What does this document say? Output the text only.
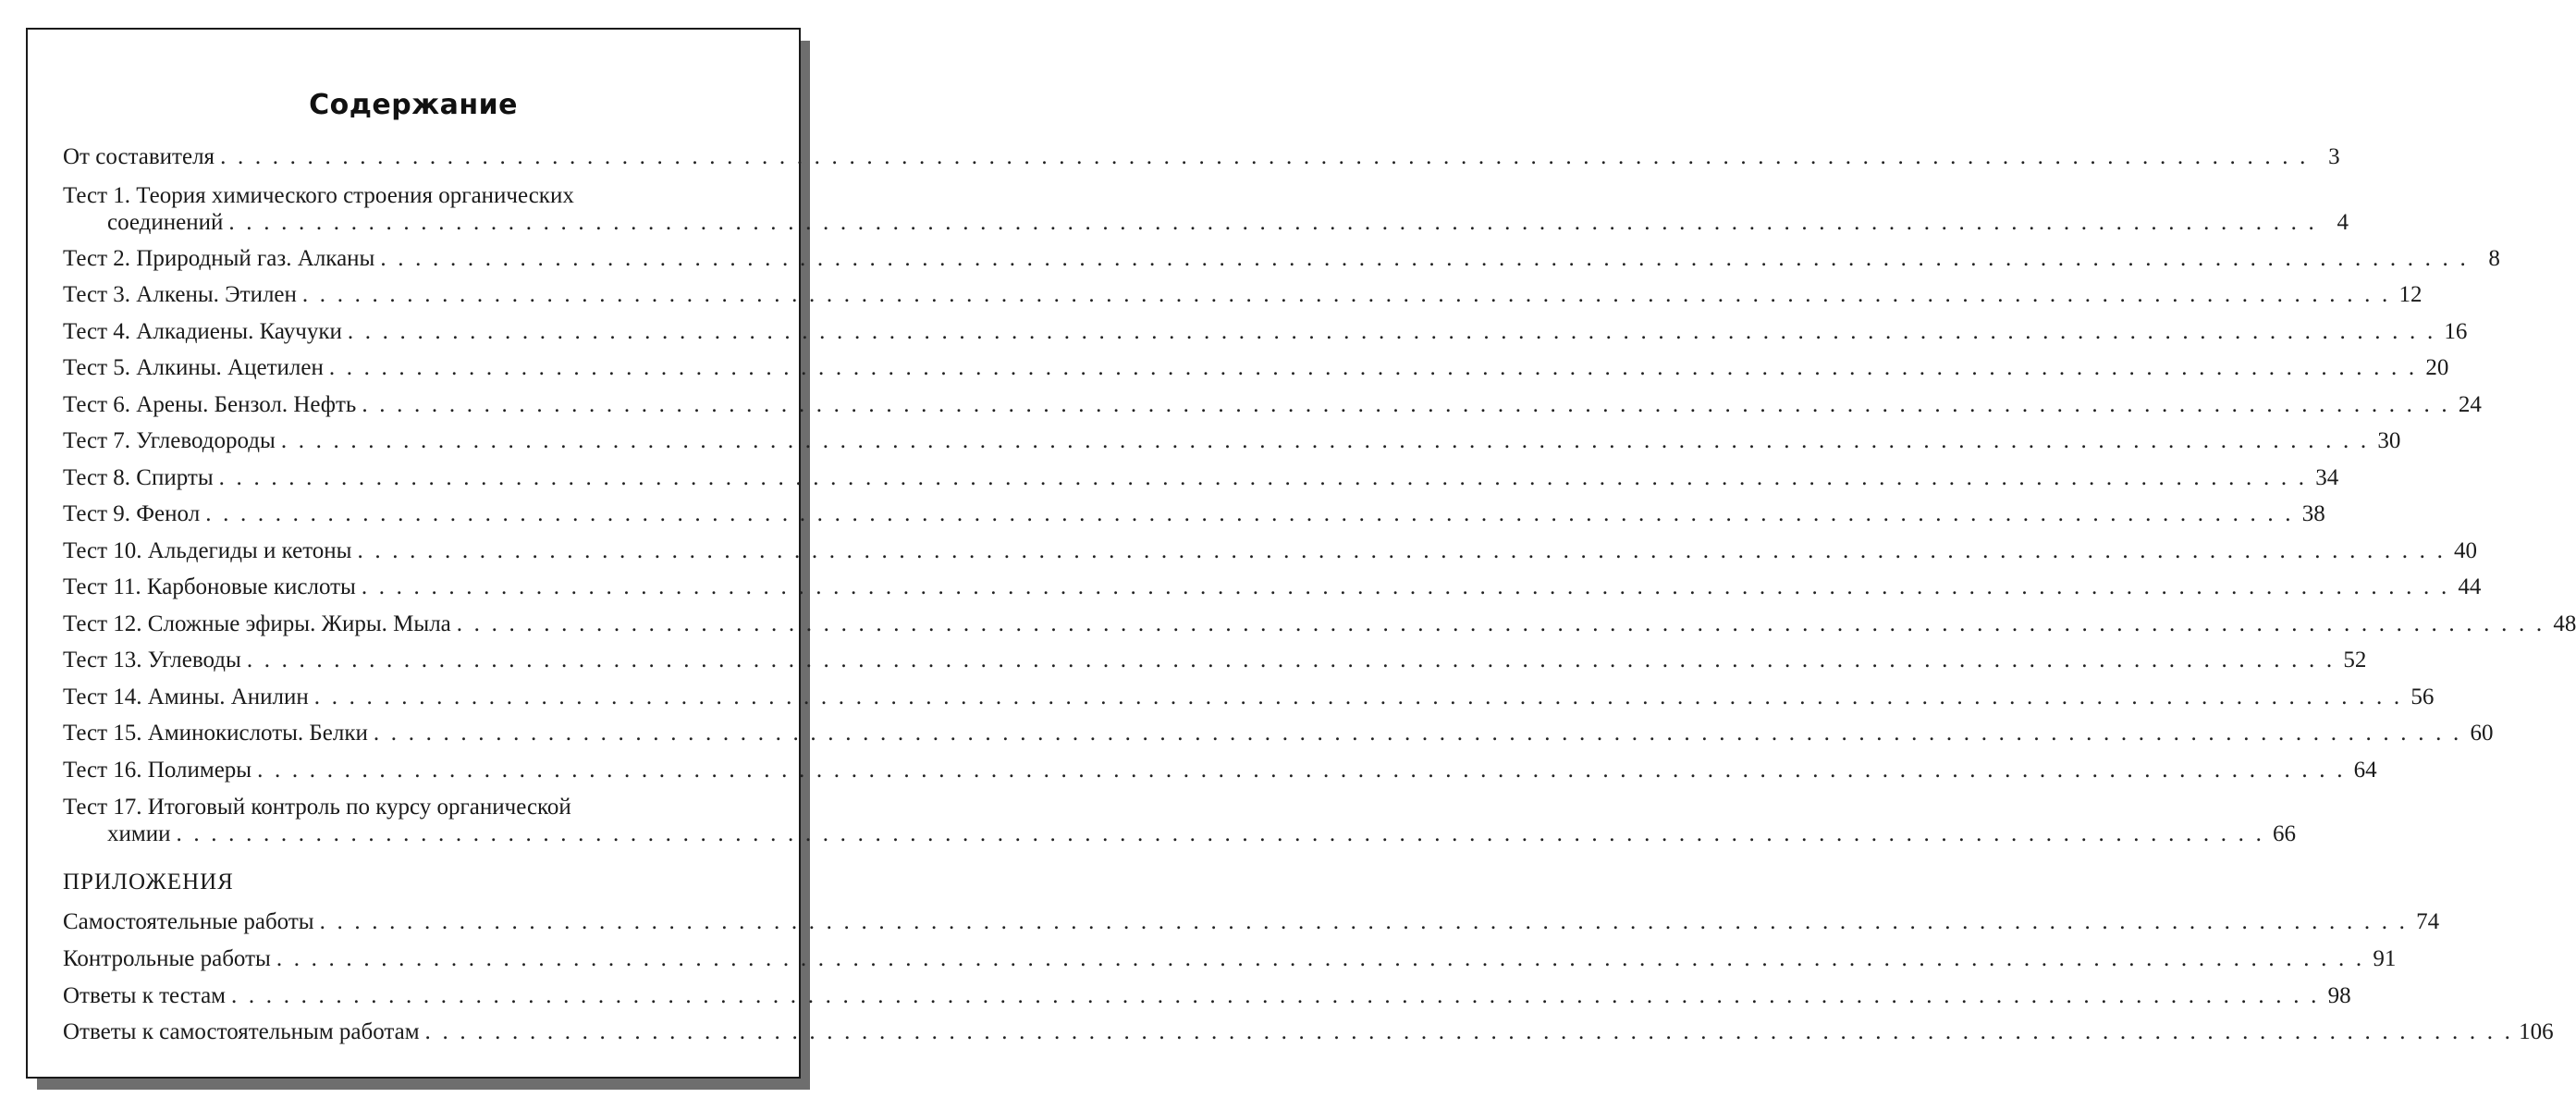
Содержание
От составителя . . . . . . . . . . . . . . . . . . . . . . . . . . . . . . . . . . . . . . . . . . . . . . . . . . . . . . . . . . . . . . . . . . . . . . . . . . . . . . . . . . . . . . . . . . . . . . . . . . . . . . . . . . . . . . . . . . . . . . . . 3
Тест 1. Теория химического строения органических
соединений . . . . . . . . . . . . . . . . . . . . . . . . . . . . . . . . . . . . . . . . . . . . . . . . . . . . . . . . . . . . . . . . . . . . . . . . . . . . . . . . . . . . . . . . . . . . . . . . . . . . . . . . . . . . . . . . . . . . . . . . 4
Тест 2. Природный газ. Алканы . . . . . . . . . . . . . . . . . . . . . . . . . . . . . . . . . . . . . . . . . . . . . . . . . . . . . . . . . . . . . . . . . . . . . . . . . . . . . . . . . . . . . . . . . . . . . . . . . . . . . . . . . . . . . . . . . . . . . . . . 8
Тест 3. Алкены. Этилен . . . . . . . . . . . . . . . . . . . . . . . . . . . . . . . . . . . . . . . . . . . . . . . . . . . . . . . . . . . . . . . . . . . . . . . . . . . . . . . . . . . . . . . . . . . . . . . . . . . . . . . . . . . . . . . . . . . . . . . . 12
Тест 4. Алкадиены. Каучуки . . . . . . . . . . . . . . . . . . . . . . . . . . . . . . . . . . . . . . . . . . . . . . . . . . . . . . . . . . . . . . . . . . . . . . . . . . . . . . . . . . . . . . . . . . . . . . . . . . . . . . . . . . . . . . . . . . . . . . . . 16
Тест 5. Алкины. Ацетилен . . . . . . . . . . . . . . . . . . . . . . . . . . . . . . . . . . . . . . . . . . . . . . . . . . . . . . . . . . . . . . . . . . . . . . . . . . . . . . . . . . . . . . . . . . . . . . . . . . . . . . . . . . . . . . . . . . . . . . . . 20
Тест 6. Арены. Бензол. Нефть . . . . . . . . . . . . . . . . . . . . . . . . . . . . . . . . . . . . . . . . . . . . . . . . . . . . . . . . . . . . . . . . . . . . . . . . . . . . . . . . . . . . . . . . . . . . . . . . . . . . . . . . . . . . . . . . . . . . . . . . 24
Тест 7. Углеводороды . . . . . . . . . . . . . . . . . . . . . . . . . . . . . . . . . . . . . . . . . . . . . . . . . . . . . . . . . . . . . . . . . . . . . . . . . . . . . . . . . . . . . . . . . . . . . . . . . . . . . . . . . . . . . . . . . . . . . . . . 30
Тест 8. Спирты . . . . . . . . . . . . . . . . . . . . . . . . . . . . . . . . . . . . . . . . . . . . . . . . . . . . . . . . . . . . . . . . . . . . . . . . . . . . . . . . . . . . . . . . . . . . . . . . . . . . . . . . . . . . . . . . . . . . . . . . 34
Тест 9. Фенол . . . . . . . . . . . . . . . . . . . . . . . . . . . . . . . . . . . . . . . . . . . . . . . . . . . . . . . . . . . . . . . . . . . . . . . . . . . . . . . . . . . . . . . . . . . . . . . . . . . . . . . . . . . . . . . . . . . . . . . . 38
Тест 10. Альдегиды и кетоны . . . . . . . . . . . . . . . . . . . . . . . . . . . . . . . . . . . . . . . . . . . . . . . . . . . . . . . . . . . . . . . . . . . . . . . . . . . . . . . . . . . . . . . . . . . . . . . . . . . . . . . . . . . . . . . . . . . . . . . . 40
Тест 11. Карбоновые кислоты . . . . . . . . . . . . . . . . . . . . . . . . . . . . . . . . . . . . . . . . . . . . . . . . . . . . . . . . . . . . . . . . . . . . . . . . . . . . . . . . . . . . . . . . . . . . . . . . . . . . . . . . . . . . . . . . . . . . . . . . 44
Тест 12. Сложные эфиры. Жиры. Мыла . . . . . . . . . . . . . . . . . . . . . . . . . . . . . . . . . . . . . . . . . . . . . . . . . . . . . . . . . . . . . . . . . . . . . . . . . . . . . . . . . . . . . . . . . . . . . . . . . . . . . . . . . . . . . . . . . . . . . . . . 48
Тест 13. Углеводы . . . . . . . . . . . . . . . . . . . . . . . . . . . . . . . . . . . . . . . . . . . . . . . . . . . . . . . . . . . . . . . . . . . . . . . . . . . . . . . . . . . . . . . . . . . . . . . . . . . . . . . . . . . . . . . . . . . . . . . . 52
Тест 14. Амины. Анилин . . . . . . . . . . . . . . . . . . . . . . . . . . . . . . . . . . . . . . . . . . . . . . . . . . . . . . . . . . . . . . . . . . . . . . . . . . . . . . . . . . . . . . . . . . . . . . . . . . . . . . . . . . . . . . . . . . . . . . . . 56
Тест 15. Аминокислоты. Белки . . . . . . . . . . . . . . . . . . . . . . . . . . . . . . . . . . . . . . . . . . . . . . . . . . . . . . . . . . . . . . . . . . . . . . . . . . . . . . . . . . . . . . . . . . . . . . . . . . . . . . . . . . . . . . . . . . . . . . . . 60
Тест 16. Полимеры . . . . . . . . . . . . . . . . . . . . . . . . . . . . . . . . . . . . . . . . . . . . . . . . . . . . . . . . . . . . . . . . . . . . . . . . . . . . . . . . . . . . . . . . . . . . . . . . . . . . . . . . . . . . . . . . . . . . . . . . 64
Тест 17. Итоговый контроль по курсу органической
химии . . . . . . . . . . . . . . . . . . . . . . . . . . . . . . . . . . . . . . . . . . . . . . . . . . . . . . . . . . . . . . . . . . . . . . . . . . . . . . . . . . . . . . . . . . . . . . . . . . . . . . . . . . . . . . . . . . . . . . . . 66
ПРИЛОЖЕНИЯ
Самостоятельные работы . . . . . . . . . . . . . . . . . . . . . . . . . . . . . . . . . . . . . . . . . . . . . . . . . . . . . . . . . . . . . . . . . . . . . . . . . . . . . . . . . . . . . . . . . . . . . . . . . . . . . . . . . . . . . . . . . . . . . . . . 74
Контрольные работы . . . . . . . . . . . . . . . . . . . . . . . . . . . . . . . . . . . . . . . . . . . . . . . . . . . . . . . . . . . . . . . . . . . . . . . . . . . . . . . . . . . . . . . . . . . . . . . . . . . . . . . . . . . . . . . . . . . . . . . . 91
Ответы к тестам . . . . . . . . . . . . . . . . . . . . . . . . . . . . . . . . . . . . . . . . . . . . . . . . . . . . . . . . . . . . . . . . . . . . . . . . . . . . . . . . . . . . . . . . . . . . . . . . . . . . . . . . . . . . . . . . . . . . . . . . 98
Ответы к самостоятельным работам . . . . . . . . . . . . . . . . . . . . . . . . . . . . . . . . . . . . . . . . . . . . . . . . . . . . . . . . . . . . . . . . . . . . . . . . . . . . . . . . . . . . . . . . . . . . . . . . . . . . . . . . . . . . . . . . . . . . . . . . 106
